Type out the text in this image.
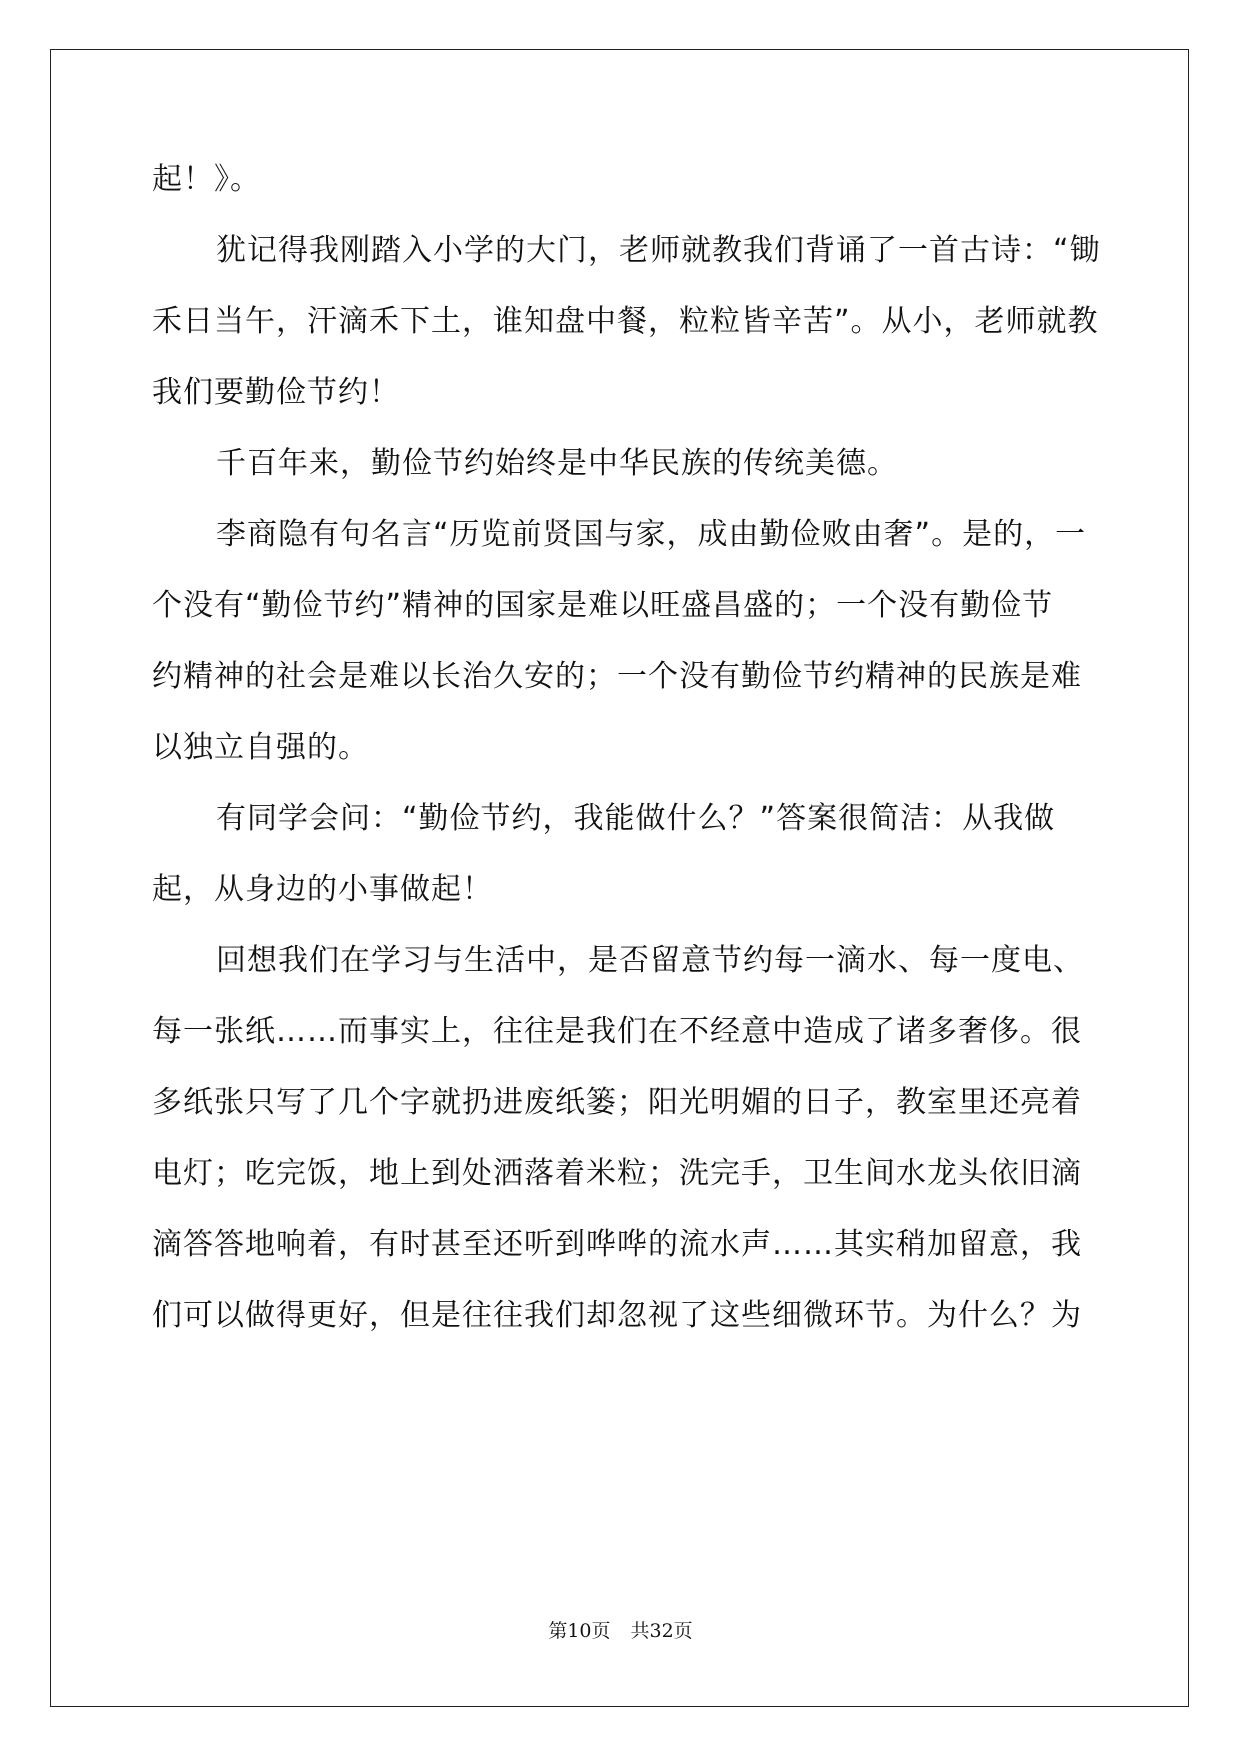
起！》。
犹记得我刚踏入小学的大门，老师就教我们背诵了一首古诗：“锄
禾日当午，汗滴禾下土，谁知盘中餐，粒粒皆辛苦”。从小，老师就教
我们要勤俭节约！
千百年来，勤俭节约始终是中华民族的传统美德。
李商隐有句名言“历览前贤国与家，成由勤俭败由奢”。是的，一
个没有“勤俭节约”精神的国家是难以旺盛昌盛的；一个没有勤俭节
约精神的社会是难以长治久安的；一个没有勤俭节约精神的民族是难
以独立自强的。
有同学会问：“勤俭节约，我能做什么？”答案很简洁：从我做
起，从身边的小事做起！
回想我们在学习与生活中，是否留意节约每一滴水、每一度电、
每一张纸……而事实上，往往是我们在不经意中造成了诸多奢侈。很
多纸张只写了几个字就扔进废纸篓；阳光明媚的日子，教室里还亮着
电灯；吃完饭，地上到处洒落着米粒；洗完手，卫生间水龙头依旧滴
滴答答地响着，有时甚至还听到哗哗的流水声……其实稍加留意，我
们可以做得更好，但是往往我们却忽视了这些细微环节。为什么？为
第10页 共32页
